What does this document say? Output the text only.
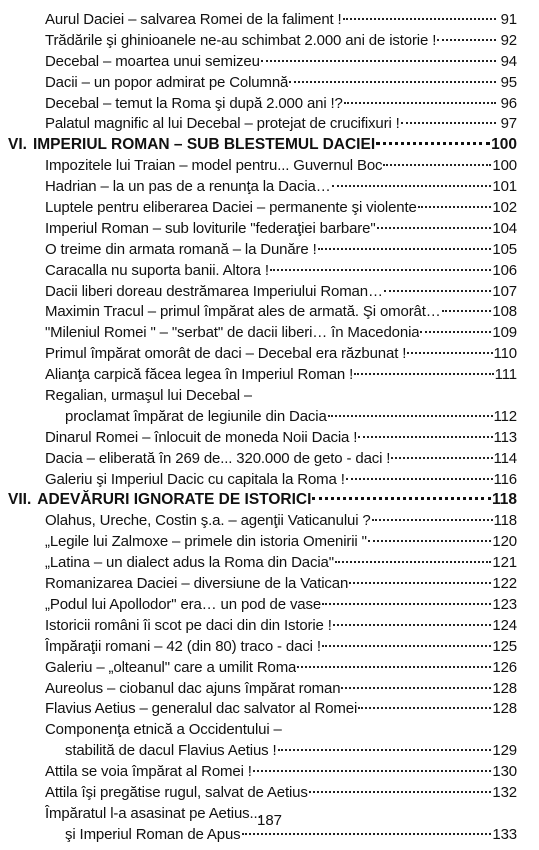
Aurul Daciei – salvarea Romei de la faliment !	91
Trădările şi ghinioanele ne-au schimbat 2.000 ani de istorie !	92
Decebal – moartea unui semizeu	94
Dacii – un popor admirat pe Columnă	95
Decebal – temut la Roma şi după 2.000 ani !?	96
Palatul magnific al lui Decebal – protejat de crucifixuri !	97
VI. IMPERIUL ROMAN – SUB BLESTEMUL DACIEI	100
Impozitele lui Traian – model pentru... Guvernul Boc	100
Hadrian – la un pas de a renunţa la Dacia…	101
Luptele pentru eliberarea Daciei – permanente şi violente	102
Imperiul Roman – sub loviturile "federaţiei barbare"	104
O treime din armata romană – la Dunăre !	105
Caracalla nu suporta banii. Altora !	106
Dacii liberi doreau destrămarea Imperiului Roman…	107
Maximin Tracul – primul împărat ales de armată. Şi omorât…	108
"Mileniul Romei " – "serbat" de dacii liberi… în Macedonia	109
Primul împărat omorât de daci – Decebal era răzbunat !	110
Alianţa carpică făcea legea în Imperiul Roman !	111
Regalian, urmaşul lui Decebal –
proclamat împărat de legiunile din Dacia	112
Dinarul Romei – înlocuit de moneda Noii Dacia !	113
Dacia – eliberată în 269 de... 320.000 de geto - daci !	114
Galeriu şi Imperiul Dacic cu capitala la Roma !	116
VII. ADEVĂRURI IGNORATE DE ISTORICI	118
Olahus, Ureche, Costin ş.a. – agenţii Vaticanului ?	118
„Legile lui Zalmoxe – primele din istoria Omenirii "	120
„Latina – un dialect adus la Roma din Dacia"	121
Romanizarea Daciei – diversiune de la Vatican	122
„Podul lui Apollodor" era… un pod de vase	123
Istoricii români îi scot pe daci din din Istorie !	124
Împăraţii romani – 42 (din 80) traco - daci !	125
Galeriu – „olteanul" care a umilit Roma	126
Aureolus – ciobanul dac ajuns împărat roman	128
Flavius Aetius – generalul dac salvator al Romei	128
Componenţa etnică a Occidentului –
stabilită de dacul Flavius Aetius !	129
Attila se voia împărat al Romei !	130
Attila îşi pregătise rugul, salvat de Aetius	132
Împăratul l-a asasinat pe Aetius...
şi Imperiul Roman de Apus	133
187
